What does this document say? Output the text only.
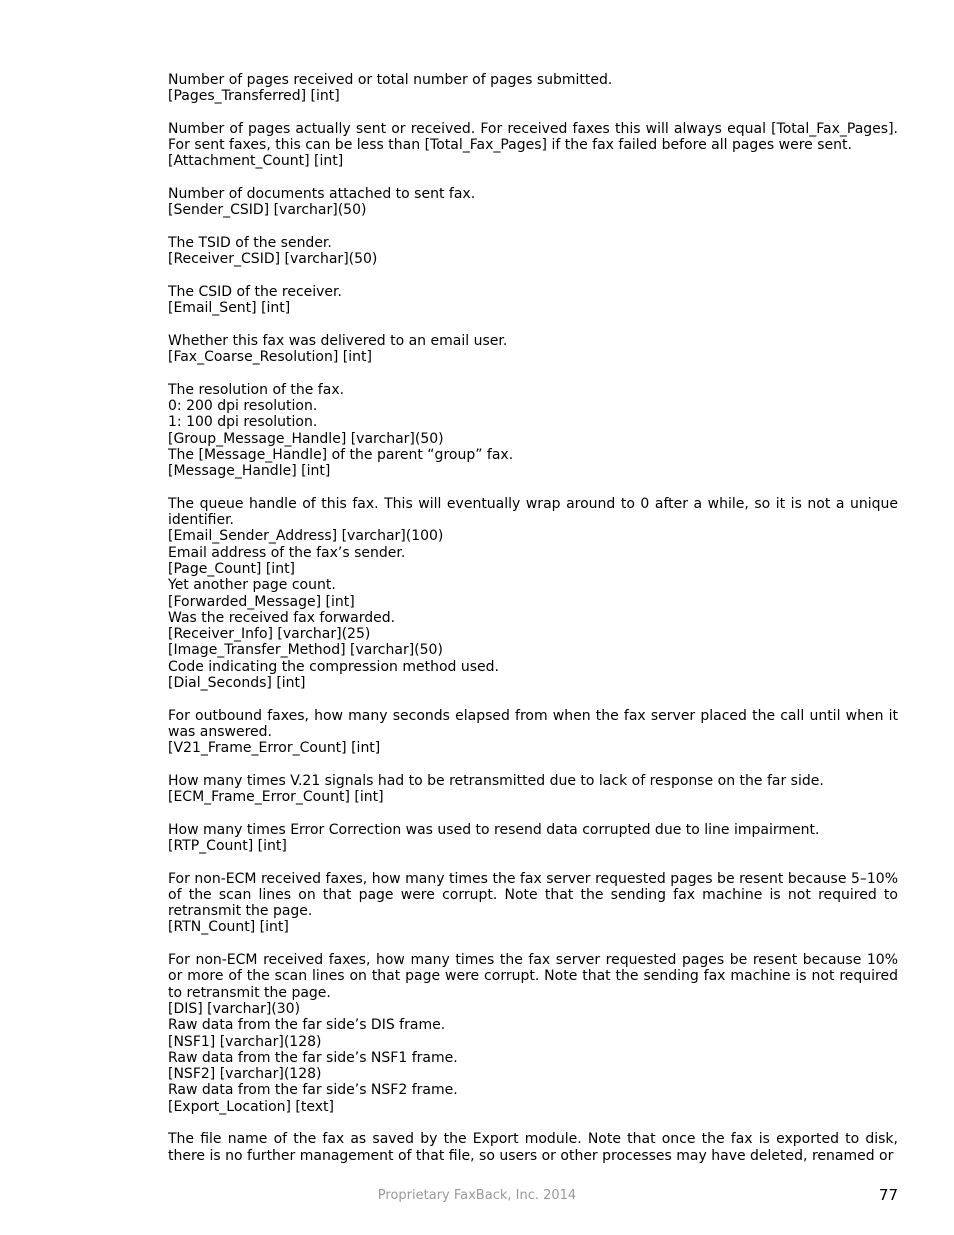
Number of pages received or total number of pages submitted.
[Pages_Transferred] [int]
Number of pages actually sent or received. For received faxes this will always equal [Total_Fax_Pages]. For sent faxes, this can be less than [Total_Fax_Pages] if the fax failed before all pages were sent.
[Attachment_Count] [int]
Number of documents attached to sent fax.
[Sender_CSID] [varchar](50)
The TSID of the sender.
[Receiver_CSID] [varchar](50)
The CSID of the receiver.
[Email_Sent] [int]
Whether this fax was delivered to an email user.
[Fax_Coarse_Resolution] [int]
The resolution of the fax.
0: 200 dpi resolution.
1: 100 dpi resolution.
[Group_Message_Handle] [varchar](50)
The [Message_Handle] of the parent “group” fax.
[Message_Handle] [int]
The queue handle of this fax. This will eventually wrap around to 0 after a while, so it is not a unique identifier.
[Email_Sender_Address] [varchar](100)
Email address of the fax’s sender.
[Page_Count] [int]
Yet another page count.
[Forwarded_Message] [int]
Was the received fax forwarded.
[Receiver_Info] [varchar](25)
[Image_Transfer_Method] [varchar](50)
Code indicating the compression method used.
[Dial_Seconds] [int]
For outbound faxes, how many seconds elapsed from when the fax server placed the call until when it was answered.
[V21_Frame_Error_Count] [int]
How many times V.21 signals had to be retransmitted due to lack of response on the far side.
[ECM_Frame_Error_Count] [int]
How many times Error Correction was used to resend data corrupted due to line impairment.
[RTP_Count] [int]
For non-ECM received faxes, how many times the fax server requested pages be resent because 5–10% of the scan lines on that page were corrupt. Note that the sending fax machine is not required to retransmit the page.
[RTN_Count] [int]
For non-ECM received faxes, how many times the fax server requested pages be resent because 10% or more of the scan lines on that page were corrupt. Note that the sending fax machine is not required to retransmit the page.
[DIS] [varchar](30)
Raw data from the far side’s DIS frame.
[NSF1] [varchar](128)
Raw data from the far side’s NSF1 frame.
[NSF2] [varchar](128)
Raw data from the far side’s NSF2 frame.
[Export_Location] [text]
The file name of the fax as saved by the Export module. Note that once the fax is exported to disk, there is no further management of that file, so users or other processes may have deleted, renamed or
Proprietary FaxBack, Inc. 2014	77
